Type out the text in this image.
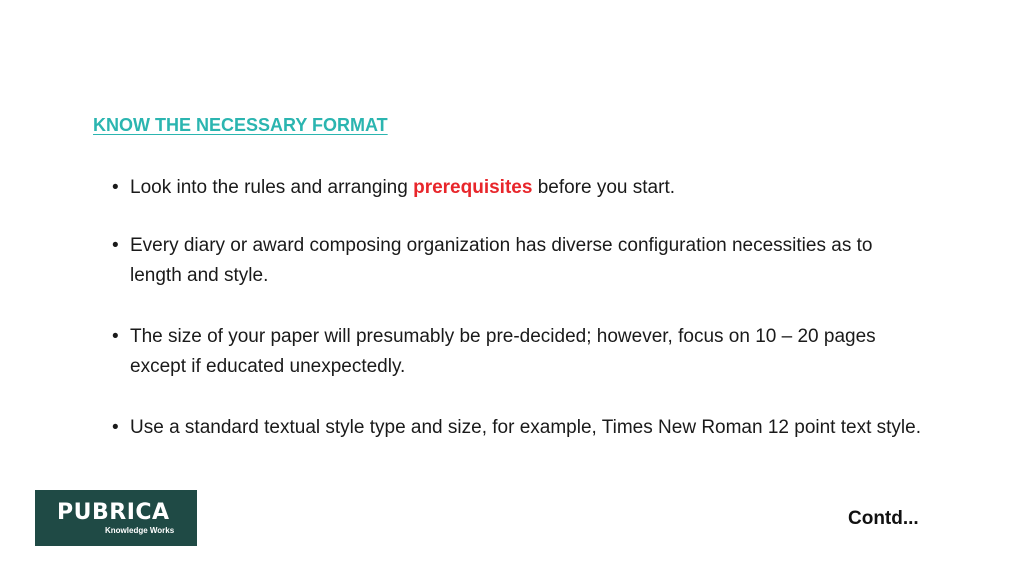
KNOW THE NECESSARY FORMAT
• Look into the rules and arranging prerequisites before you start.
• Every diary or award composing organization has diverse configuration necessities as to length and style.
• The size of your paper will presumably be pre-decided; however, focus on 10 – 20 pages except if educated unexpectedly.
• Use a standard textual style type and size, for example, Times New Roman 12 point text style.
PUBRICA
Knowledge Works
Contd...
